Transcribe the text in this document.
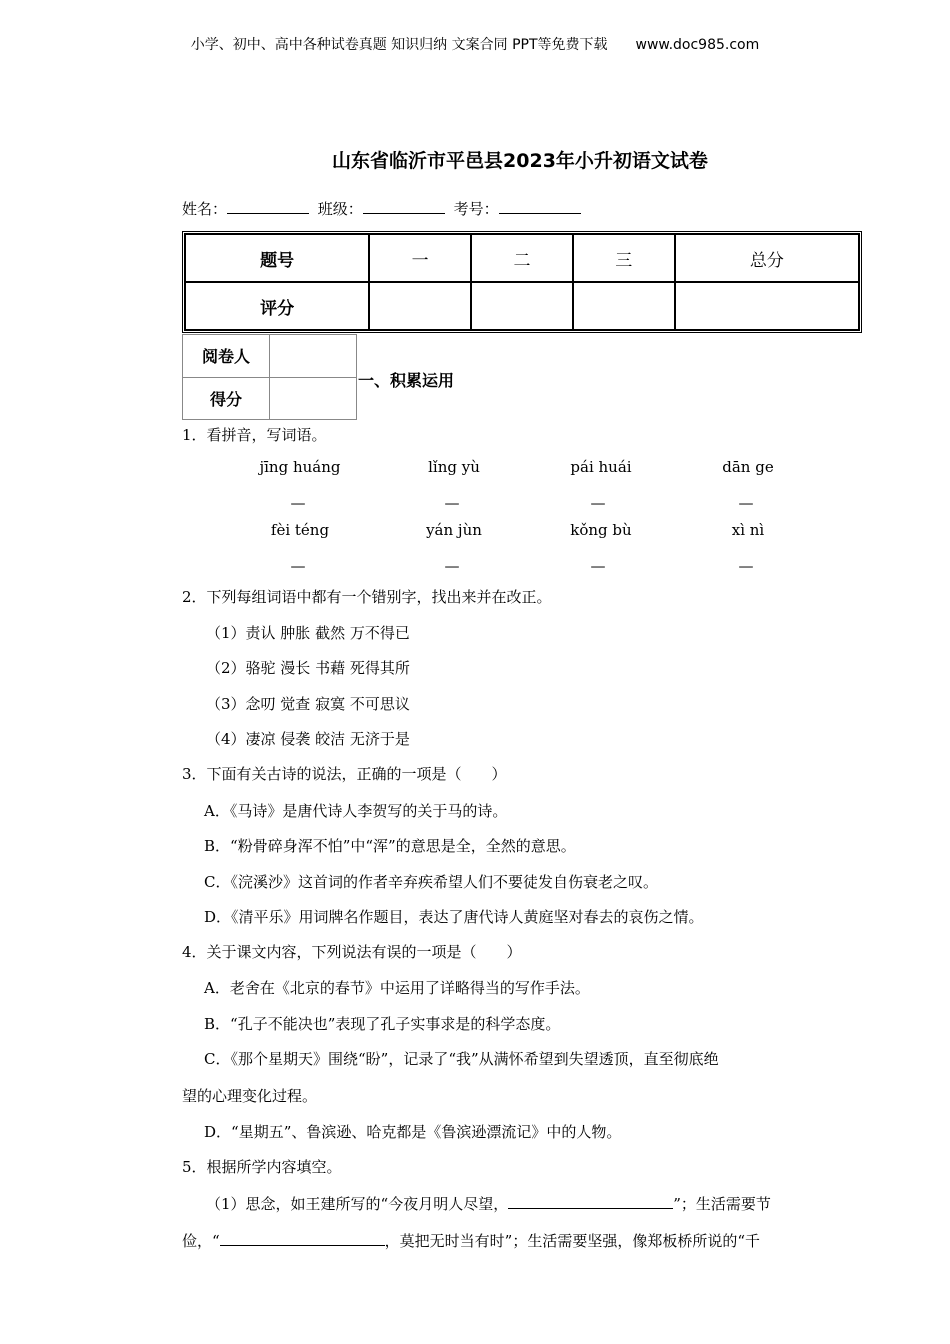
小学、初中、高中各种试卷真题 知识归纳 文案合同 PPT等免费下载 www.doc985.com
山东省临沂市平邑县2023年小升初语文试卷
姓名：	班级：	考号：
题号	一	二	三	总分
评分				
阅卷人	
得分	
一、积累运用
1．看拼音，写词语。
jīng huáng	lǐng yù	pái huái	dān ge
—	—	—	—
fèi téng	yán jùn	kǒng bù	xì nì
—	—	—	—
2．下列每组词语中都有一个错别字，找出来并在改正。
（1）责认 肿胀 截然 万不得已
（2）骆驼 漫长 书藉 死得其所
（3）念叨 觉查 寂寞 不可思议
（4）凄凉 侵袭 皎洁 无济于是
3．下面有关古诗的说法，正确的一项是（　　）
A．《马诗》是唐代诗人李贺写的关于马的诗。
B．“粉骨碎身浑不怕”中“浑”的意思是全，全然的意思。
C．《浣溪沙》这首词的作者辛弃疾希望人们不要徒发自伤衰老之叹。
D．《清平乐》用词牌名作题目，表达了唐代诗人黄庭坚对春去的哀伤之情。
4．关于课文内容，下列说法有误的一项是（　　）
A．老舍在《北京的春节》中运用了详略得当的写作手法。
B．“孔子不能决也”表现了孔子实事求是的科学态度。
C．《那个星期天》围绕“盼”，记录了“我”从满怀希望到失望透顶，直至彻底绝
望的心理变化过程。
D．“星期五”、鲁滨逊、哈克都是《鲁滨逊漂流记》中的人物。
5．根据所学内容填空。
（1）思念，如王建所写的“今夜月明人尽望，	”；生活需要节
俭，“	，莫把无时当有时”；生活需要坚强，像郑板桥所说的“千
